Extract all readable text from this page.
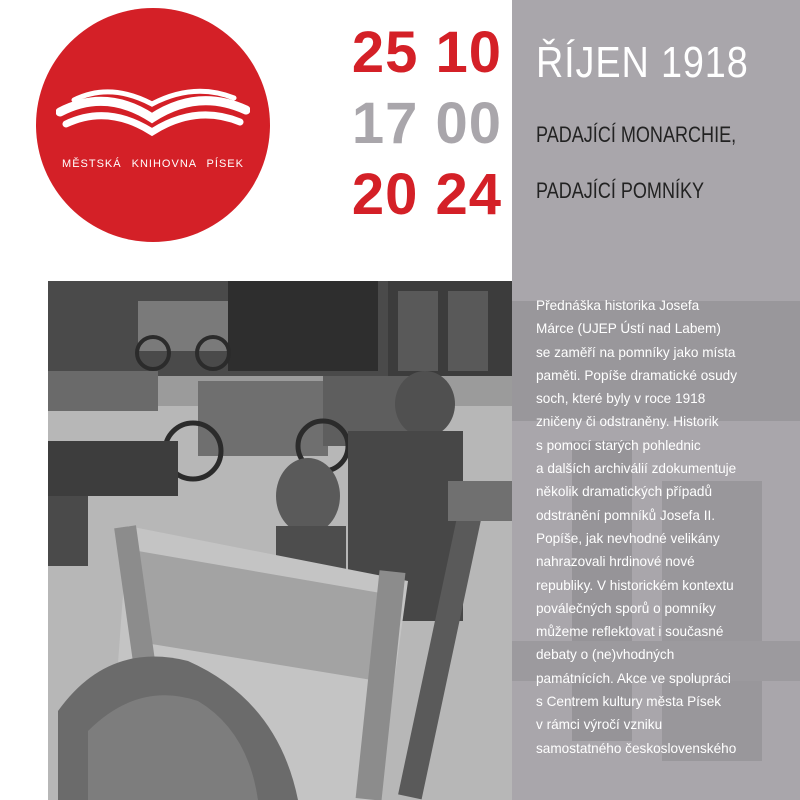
MĚSTSKÁ KNIHOVNA PÍSEK
25 10
17 00
20 24
ŘÍJEN 1918
PADAJÍCÍ MONARCHIE,
PADAJÍCÍ POMNÍKY
Přednáška historika Josefa
Márce (UJEP Ústí nad Labem)
se zaměří na pomníky jako místa
paměti. Popíše dramatické osudy
soch, které byly v roce 1918
zničeny či odstraněny. Historik
s pomocí starých pohlednic
a dalších archiválií zdokumentuje
několik dramatických případů
odstranění pomníků Josefa II.
Popíše, jak nevhodné velikány
nahrazovali hrdinové nové
republiky. V historickém kontextu
poválečných sporů o pomníky
můžeme reflektovat i současné
debaty o (ne)vhodných
památnících. Akce ve spolupráci
s Centrem kultury města Písek
v rámci výročí vzniku
samostatného československého
